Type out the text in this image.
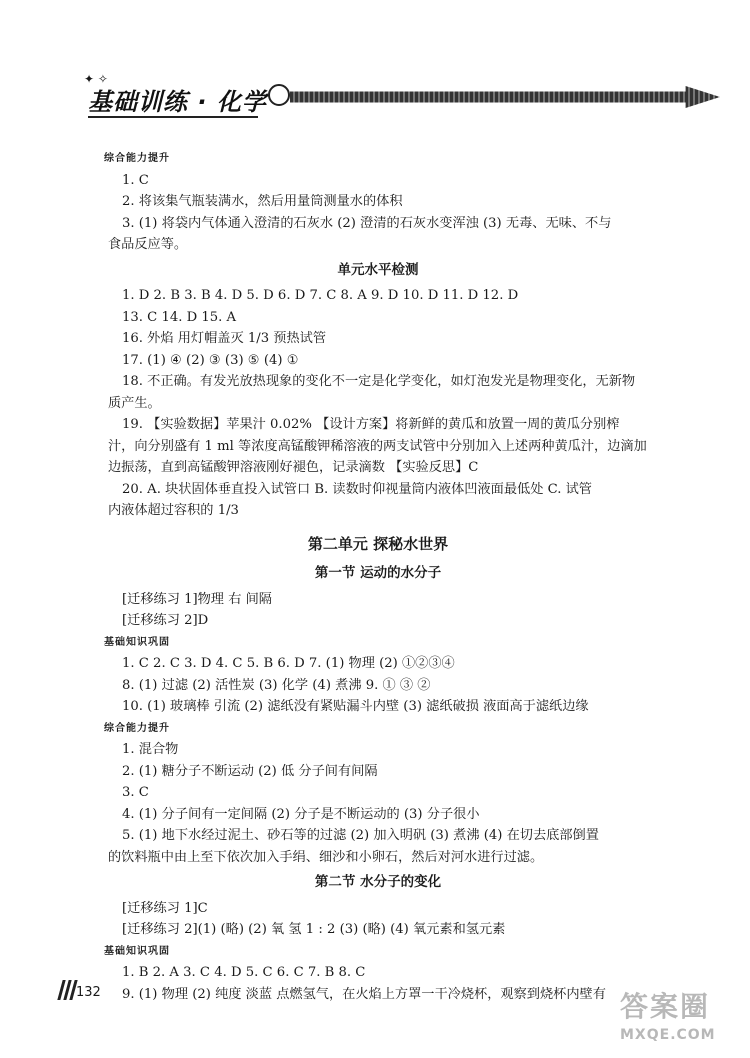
✦ ✧
基础训练 · 化学
综合能力提升
1. C
2. 将该集气瓶装满水，然后用量筒测量水的体积
3. (1) 将袋内气体通入澄清的石灰水 (2) 澄清的石灰水变浑浊 (3) 无毒、无味、不与
食品反应等。
单元水平检测
1. D 2. B 3. B 4. D 5. D 6. D 7. C 8. A 9. D 10. D 11. D 12. D
13. C 14. D 15. A
16. 外焰 用灯帽盖灭 1/3 预热试管
17. (1) ④ (2) ③ (3) ⑤ (4) ①
18. 不正确。有发光放热现象的变化不一定是化学变化，如灯泡发光是物理变化，无新物
质产生。
19. 【实验数据】苹果汁 0.02% 【设计方案】将新鲜的黄瓜和放置一周的黄瓜分别榨
汁，向分别盛有 1 ml 等浓度高锰酸钾稀溶液的两支试管中分别加入上述两种黄瓜汁，边滴加
边振荡，直到高锰酸钾溶液刚好褪色，记录滴数 【实验反思】C
20. A. 块状固体垂直投入试管口 B. 读数时仰视量筒内液体凹液面最低处 C. 试管
内液体超过容积的 1/3
第二单元 探秘水世界
第一节 运动的水分子
[迁移练习 1]物理 右 间隔
[迁移练习 2]D
基础知识巩固
1. C 2. C 3. D 4. C 5. B 6. D 7. (1) 物理 (2) ①②③④
8. (1) 过滤 (2) 活性炭 (3) 化学 (4) 煮沸 9. ① ③ ②
10. (1) 玻璃棒 引流 (2) 滤纸没有紧贴漏斗内壁 (3) 滤纸破损 液面高于滤纸边缘
综合能力提升
1. 混合物
2. (1) 糖分子不断运动 (2) 低 分子间有间隔
3. C
4. (1) 分子间有一定间隔 (2) 分子是不断运动的 (3) 分子很小
5. (1) 地下水经过泥土、砂石等的过滤 (2) 加入明矾 (3) 煮沸 (4) 在切去底部倒置
的饮料瓶中由上至下依次加入手绢、细沙和小卵石，然后对河水进行过滤。
第二节 水分子的变化
[迁移练习 1]C
[迁移练习 2](1) (略) (2) 氧 氢 1 : 2 (3) (略) (4) 氧元素和氢元素
基础知识巩固
1. B 2. A 3. C 4. D 5. C 6. C 7. B 8. C
9. (1) 物理 (2) 纯度 淡蓝 点燃氢气，在火焰上方罩一干冷烧杯，观察到烧杯内壁有
132	答案圈
MXQE.COM
